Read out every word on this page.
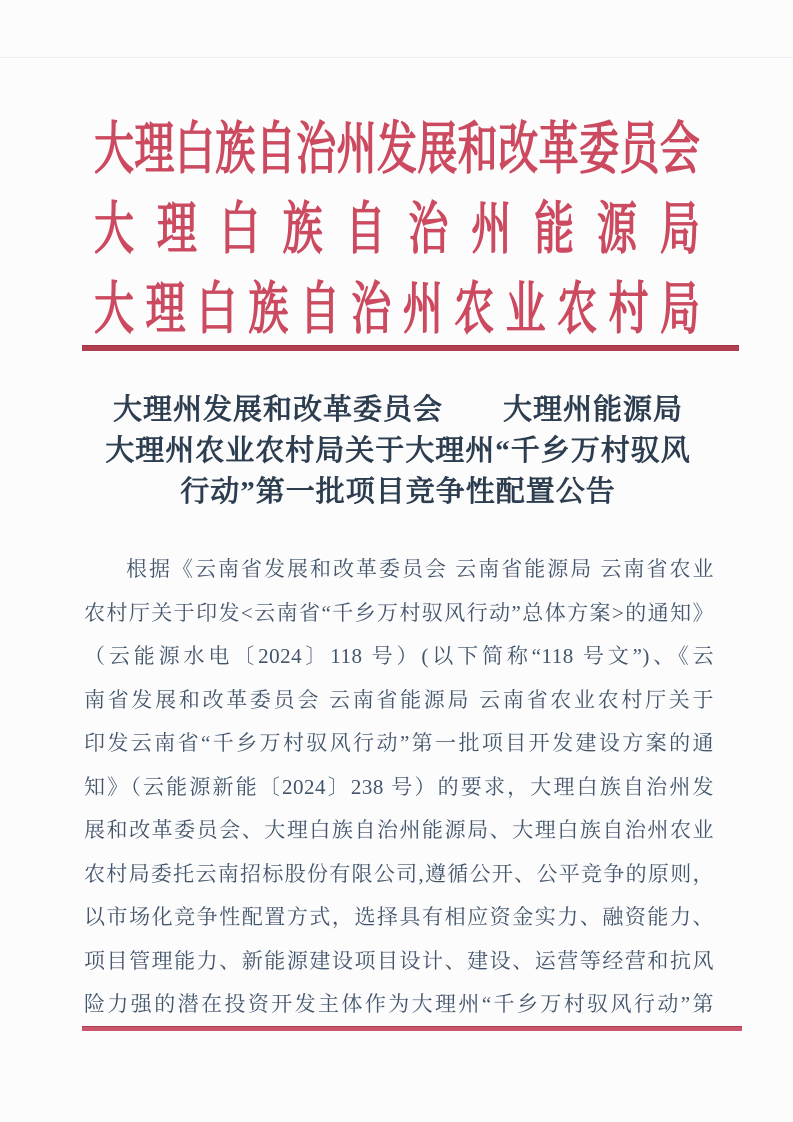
大 理 白 族 自 治 州 发 展 和 改 革 委 员 会
大 理 白 族 自 治 州 能 源 局
大 理 白 族 自 治 州 农 业 农 村 局
大理州发展和改革委员会　　大理州能源局
大理州农业农村局关于大理州“千乡万村驭风
行动”第一批项目竞争性配置公告
根据《云南省发展和改革委员会 云南省能源局 云南省农业
农村厅关于印发<云南省“千乡万村驭风行动”总体方案>的通知》
（云能源水电〔2024〕118 号）(以下简称“118 号文”)、《云
南省发展和改革委员会 云南省能源局 云南省农业农村厅关于
印发云南省“千乡万村驭风行动”第一批项目开发建设方案的通
知》（云能源新能〔2024〕238 号）的要求，大理白族自治州发
展和改革委员会、大理白族自治州能源局、大理白族自治州农业
农村局委托云南招标股份有限公司,遵循公开、公平竞争的原则，
以市场化竞争性配置方式，选择具有相应资金实力、融资能力、
项目管理能力、新能源建设项目设计、建设、运营等经营和抗风
险力强的潜在投资开发主体作为大理州“千乡万村驭风行动”第
